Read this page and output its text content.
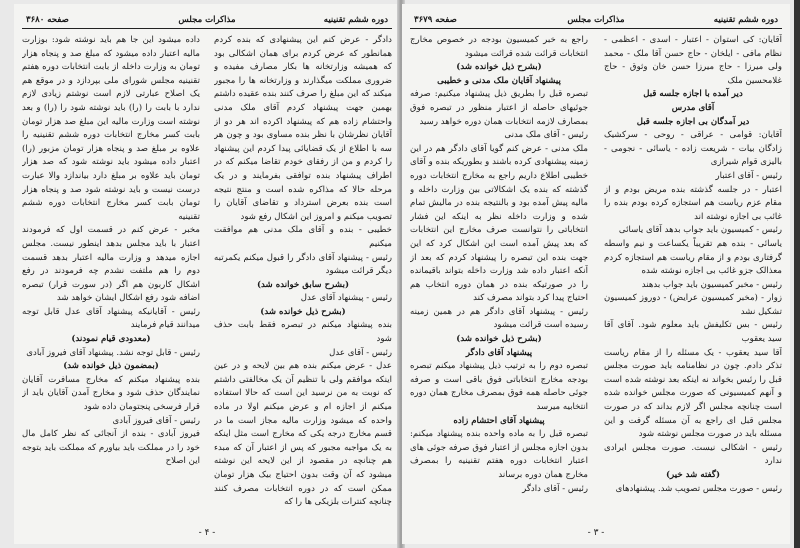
دوره ششم تقنینیه
مذاکرات مجلس
صفحه ۳۶۸۰

دادگر - عرض کنم این پیشنهادی که بنده کردم همانطور که عرض کردم برای همان اشکالی بود که همیشه وزارتخانه ها بکار مصارف مفیده و ضروری مملکت میگذارند و وزارتخانه ها را مجبور میکند که این مبلغ را صرف کنند بنده عقیده داشتم بهمین جهت پیشنهاد کردم آقای ملک مدنی واحتشام زاده هم که پیشنهاد اکرده اند هر دو از آقایان نظرشان با نظر بنده مساوی بود و چون هر سه با اطلاع از یک قضایائی پیدا کردم این پیشنهاد را کردم و من از رفقای خودم تقاضا میکنم که در اطراف پیشنهاد بنده توافقی بفرمایند و در یک مرحله حالا که مذاکره شده است و منتج نتیجه است بنده بعرض استرداد و تقاضای آقایان را تصویب میکنم و امروز این اشکال رفع شود

خطیبی - بنده و آقای ملک مدنی هم موافقت میکنیم

رئیس - پیشنهاد آقای دادگر را قبول میکنم یکمرتبه دیگر قرائت میشود

(بشرح سابق خوانده شد)

رئیس - پیشنهاد آقای عدل

(بشرح ذیل خوانده شد)

بنده پیشنهاد میکنم در تبصره فقط بابت حذف شود

رئیس - آقای عدل

عدل - عرض میکنم بنده هم بین لایحه و در عین اینکه موافقم ولی با تنظیم آن یک مخالفتی داشتم که نوبت به من نرسید این است که حالا استفاده میکنم از اجازه ام و عرض میکنم اولا در ماده واحده که میشود وزارت مالیه مجاز است ما در قسم مخارج درجه یکی که مخارج است مثل اینکه به یک مواجبه مجبور که پس از اعتبار آن که مبدء هم چنانچه در مقصود از این لایحه این نوشته میشود که آن وقت بدون احتیاج بیک هزار تومان ممکن است که در دوره انتخابات مصرف کنند چنانچه کنترات بلزیکی ها را که

داده میشود این جا هم باید نوشته شود: بوزارت مالیه اعتبار داده میشود که مبلغ صد و پنجاه هزار تومان به وزارت داخله از بابت انتخابات دوره هفتم تقنینیه مجلس شورای ملی بپردازد و در موقع هم یک اصلاح عبارتی لازم است نوشتم زیادی لازم ندارد با بابت را (را) باید نوشته شود را (را) و بعد نوشته است وزارت مالیه این مبلغ صد هزار تومان بابت کسر مخارج انتخابات دوره ششم تقنینیه را علاوه بر مبلغ صد و پنجاه هزار تومان مزبور (را) اعتبار داده میشود باید نوشته شود که صد هزار تومان باید علاوه بر مبلغ دارد بیاندازد والا عبارت درست نیست و باید نوشته شود صد و پنجاه هزار تومان بابت کسر مخارج انتخابات دوره ششم تقنینیه

مخبر - عرض کنم در قسمت اول که فرمودند اعتبار با باید مجلس بدهد اینطور نیست. مجلس اجازه میدهد و وزارت مالیه اعتبار بدهد قسمت دوم را هم ملتفت نشدم چه فرمودند در رفع اشکال کاربون هم اگر (در سورت قرار) تبصره اضافه شود رفع اشکال ایشان خواهد شد

رئیس - آقایانیکه پیشنهاد آقای عدل قابل توجه میدانند قیام فرمایند

(معدودی قیام نمودند)

رئیس - قابل توجه نشد. پیشنهاد آقای فیروز آبادی

(بمضمون ذیل خوانده شد)

بنده پیشنهاد میکنم که مخارج مسافرت آقایان نمایندگان حذف شود و مخارج آمدن آقایان باید از قرار فرسخی پنجتومان داده شود

رئیس - آقای فیروز آبادی

فیروز آبادی - بنده از آنجائی که نظر کامل مال خود را در مملکت باید بیاورم که مملکت باید بتوجه این اصلاح

- ۴ -
دوره ششم تقنینیه
مذاکرات مجلس
صفحه ۳۶۷۹

آقایان: کی استوان - اعتبار - اسدی - اعظمی - نظام مافی - ایلخان - حاج حسن آقا ملک - محمد ولی میرزا - حاج میرزا حسن خان وثوق - حاج غلامحسین ملک

دیر آمده با اجازه جلسه قبل

آقای مدرس

دیر آمدگان بی اجازه جلسه قبل

آقایان: قوامی - عراقی - روحی - سرکشیک زادگان بیات - شریعت زاده - یاسائی - نجومی - بالیزی قوام شیرازی

رئیس - آقای اعتبار

اعتبار - در جلسه گذشته بنده مریض بودم و از مقام عزم ریاست هم استجازه کرده بودم بنده را غائب بی اجازه نوشته اند

رئیس - کمیسیون باید جواب بدهد آقای یاسائی

یاسائی - بنده هم تقریباً یکساعت و نیم واسطه گرفتاری بودم و از مقام ریاست هم استجازه کردم معذالک جزو غائب بی اجازه نوشته شده

رئیس - مخبر کمیسیون باید جواب بدهند

زوار - (مخبر کمیسیون عرایض) - دوروز کمیسیون تشکیل نشد

رئیس - بس تکلیفش باید معلوم شود. آقای آقا سید یعقوب

آقا سید یعقوب - یک مسئله را از مقام ریاست تذکر دادم. چون در نظامنامه باید صورت مجلس قبل را رئیس بخواند نه اینکه بعد نوشته شده است و آنهم کمیسیونی که صورت مجلس خوانده شده است چنانچه مجلس اگر لازم بداند که در صورت مجلس قبل ای راجع به آن مسئله گرفت و این مسئله باید در صورت مجلس نوشته شود

رئیس - اشکالی نیست. صورت مجلس ایرادی ندارد

(گفته شد خیر)

رئیس - صورت مجلس تصویب شد. پیشنهادهای

راجع به خبر کمیسیون بودجه در خصوص مخارج انتخابات قرائت شده قرائت میشود

(بشرح ذیل خوانده شد)

پیشنهاد آقایان ملک مدنی و خطیبی

تبصره قبل را بطریق ذیل پیشنهاد میکنیم: صرفه جوئیهای حاصله از اعتبار منظور در تبصره فوق بمصارف لازمه انتخابات همان دوره خواهد رسید

رئیس - آقای ملک مدنی

ملک مدنی - عرض کنم گویا آقای دادگر هم در این زمینه پیشنهادی کرده باشند و بطوریکه بنده و آقای خطیبی اطلاع داریم راجع به مخارج انتخابات دوره گذشته که بنده یک اشکالاتی بین وزارت داخله و مالیه پیش آمده بود و بالنتیجه بنده در مالیش تمام شده و وزارت داخله نظر به اینکه این فشار انتخاباتی را نتوانست صرف مخارج این انتخابات که بعد پیش آمده است این اشکال کرد که این جهت بنده این تبصره را پیشنهاد کردم که بعد از آنکه اعتبار داده شد وزارت داخله بتواند باقیمانده را در صورتیکه بنده در همان دوره انتخاب هم احتیاج پیدا کرد بتواند مصرف کند

رئیس - پیشنهاد آقای دادگر هم در همین زمینه رسیده است قرائت میشود

(بشرح ذیل خوانده شد)

پیشنهاد آقای دادگر

تبصره دوم را به ترتیب ذیل پیشنهاد میکنم تبصره بودجه مخارج انتخاباتی فوق باقی است و صرفه جوئی حاصله همه فوق بمصرف مخارج همان دوره انتخابیه میرسد

پیشنهاد آقای احتشام زاده

تبصره قبل را به ماده واحده بنده پیشنهاد میکنم: بدون اجازه مجلس از اعتبار فوق صرفه جوئی های اعتبار انتخابات دوره هفتم تقنینیه را بمصرف مخارج همان دوره برساند

رئیس - آقای دادگر

- ۳ -
